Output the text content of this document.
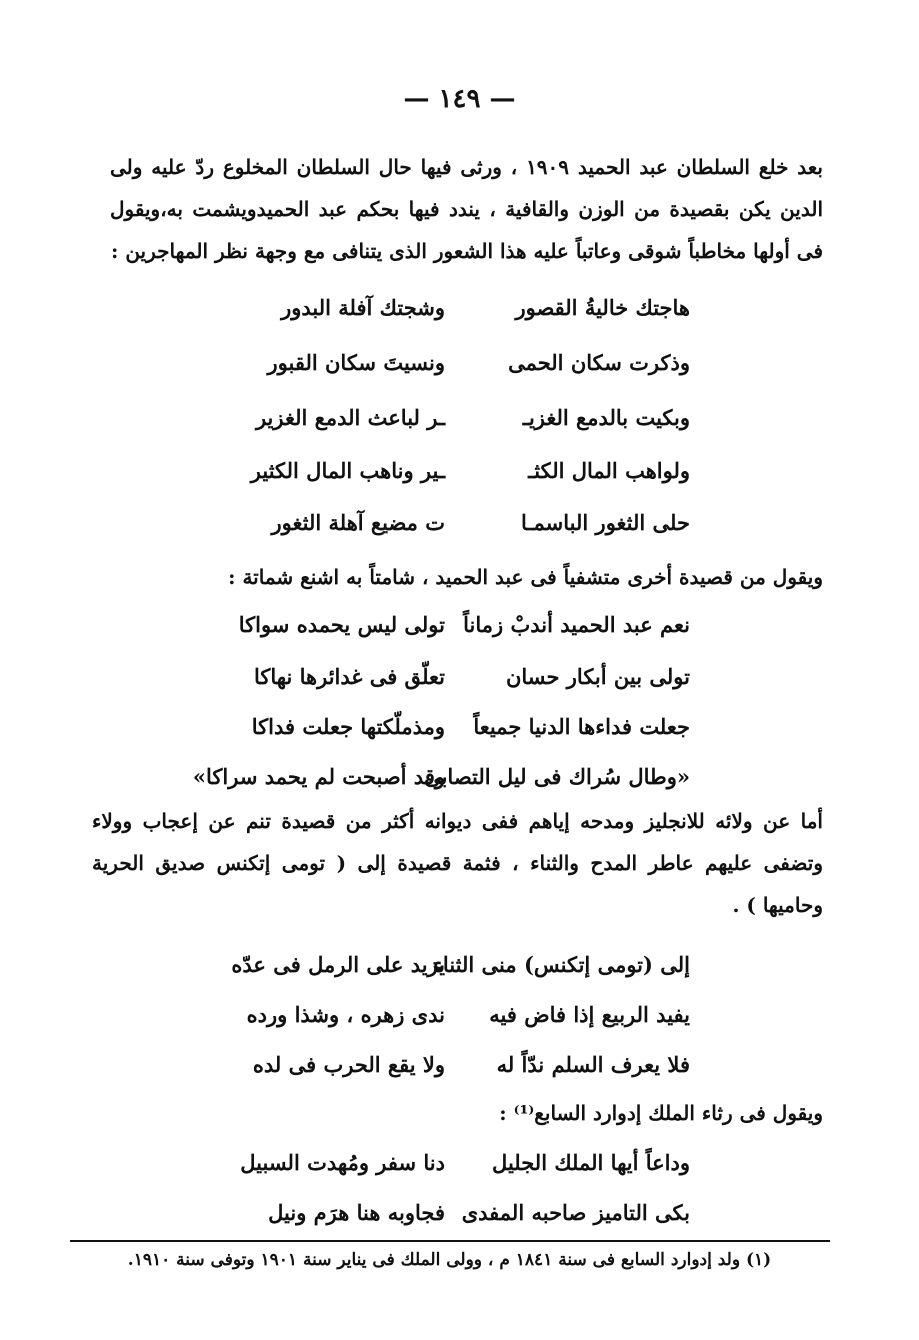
— ١٤٩ —
بعد خلع السلطان عبد الحميد ١٩٠٩ ، ورثى فيها حال السلطان المخلوع ردّ عليه ولى الدين يكن بقصيدة من الوزن والقافية ، يندد فيها بحكم عبد الحميدويشمت به،ويقول فى أولها مخاطباً شوقى وعاتباً عليه هذا الشعور الذى يتنافى مع وجهة نظر المهاجرين :
هاجتك خاليةُ القصور
وشجتك آفلة البدور
وذكرت سكان الحمى
ونسيتَ سكان القبور
وبكيت بالدمع الغزيـ
ـر لباعث الدمع الغزير
ولواهب المال الكثـ
ـير وناهب المال الكثير
حلى الثغور الباسمـا
ت مضيع آهلة الثغور
ويقول من قصيدة أخرى متشفياً فى عبد الحميد ، شامتاً به اشنع شماتة :
نعم عبد الحميد أندبْ زماناً
تولى ليس يحمده سواكا
تولى بين أبكار حسان
تعلّق فى غدائرها نهاكا
جعلت فداءها الدنيا جميعاً
ومذملّكتها جعلت فداكا
«وطال سُراك فى ليل التصابى
وقد أصبحت لم يحمد سراكا»
أما عن ولائه للانجليز ومدحه إياهم ففى ديوانه أكثر من قصيدة تنم عن إعجاب وولاء وتضفى عليهم عاطر المدح والثناء ، فثمة قصيدة إلى ( تومى إتكنس صديق الحرية وحاميها ) .
إلى (تومى إتكنس) منى الثناء
يزيد على الرمل فى عدّه
يفيد الربيع إذا فاض فيه
ندى زهره ، وشذا ورده
فلا يعرف السلم ندّاً له
ولا يقع الحرب فى لده
ويقول فى رثاء الملك إدوارد السابع⁽¹⁾ :
وداعاً أيها الملك الجليل
دنا سفر ومُهدت السبيل
بكى التاميز صاحبه المفدى
فجاوبه هنا هرَم ونيل
(١) ولد إدوارد السابع فى سنة ١٨٤١ م ، وولى الملك فى يناير سنة ١٩٠١ وتوفى سنة ١٩١٠.
